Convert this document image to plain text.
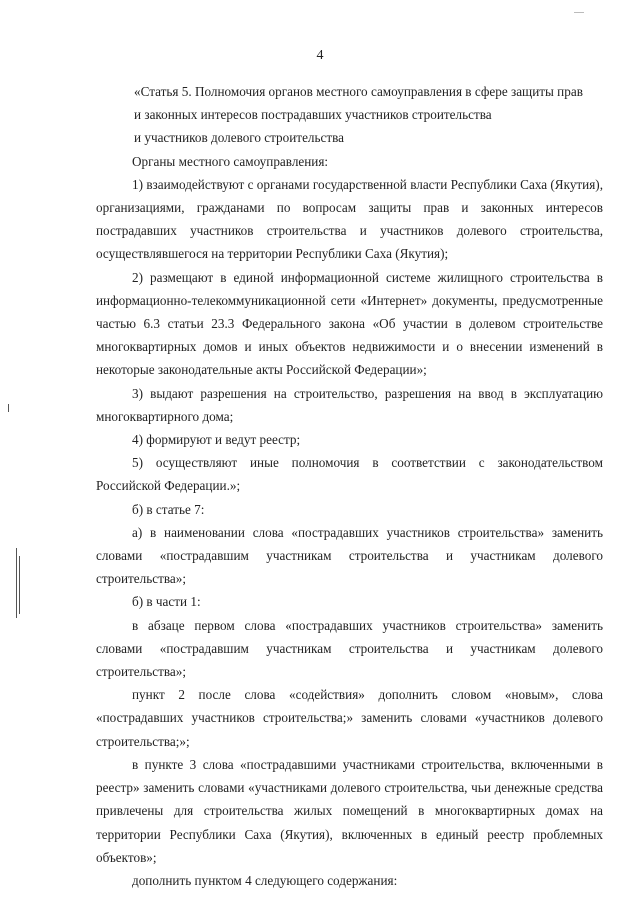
4
«Статья 5. Полномочия органов местного самоуправления в сфере защиты прав
и законных интересов пострадавших участников строительства
и участников долевого строительства

Органы местного самоуправления:

1) взаимодействуют с органами государственной власти Республики Саха (Якутия), организациями, гражданами по вопросам защиты прав и законных интересов пострадавших участников строительства и участников долевого строительства, осуществлявшегося на территории Республики Саха (Якутия);

2) размещают в единой информационной системе жилищного строительства в информационно-телекоммуникационной сети «Интернет» документы, предусмотренные частью 6.3 статьи 23.3 Федерального закона «Об участии в долевом строительстве многоквартирных домов и иных объектов недвижимости и о внесении изменений в некоторые законодательные акты Российской Федерации»;

3) выдают разрешения на строительство, разрешения на ввод в эксплуатацию многоквартирного дома;

4) формируют и ведут реестр;

5) осуществляют иные полномочия в соответствии с законодательством Российской Федерации.»;

б) в статье 7:

а) в наименовании слова «пострадавших участников строительства» заменить словами «пострадавшим участникам строительства и участникам долевого строительства»;

б) в части 1:

в абзаце первом слова «пострадавших участников строительства» заменить словами «пострадавшим участникам строительства и участникам долевого строительства»;

пункт 2 после слова «содействия» дополнить словом «новым», слова «пострадавших участников строительства;» заменить словами «участников долевого строительства;»;

в пункте 3 слова «пострадавшими участниками строительства, включенными в реестр» заменить словами «участниками долевого строительства, чьи денежные средства привлечены для строительства жилых помещений в многоквартирных домах на территории Республики Саха (Якутия), включенных в единый реестр проблемных объектов»;

дополнить пунктом 4 следующего содержания:
